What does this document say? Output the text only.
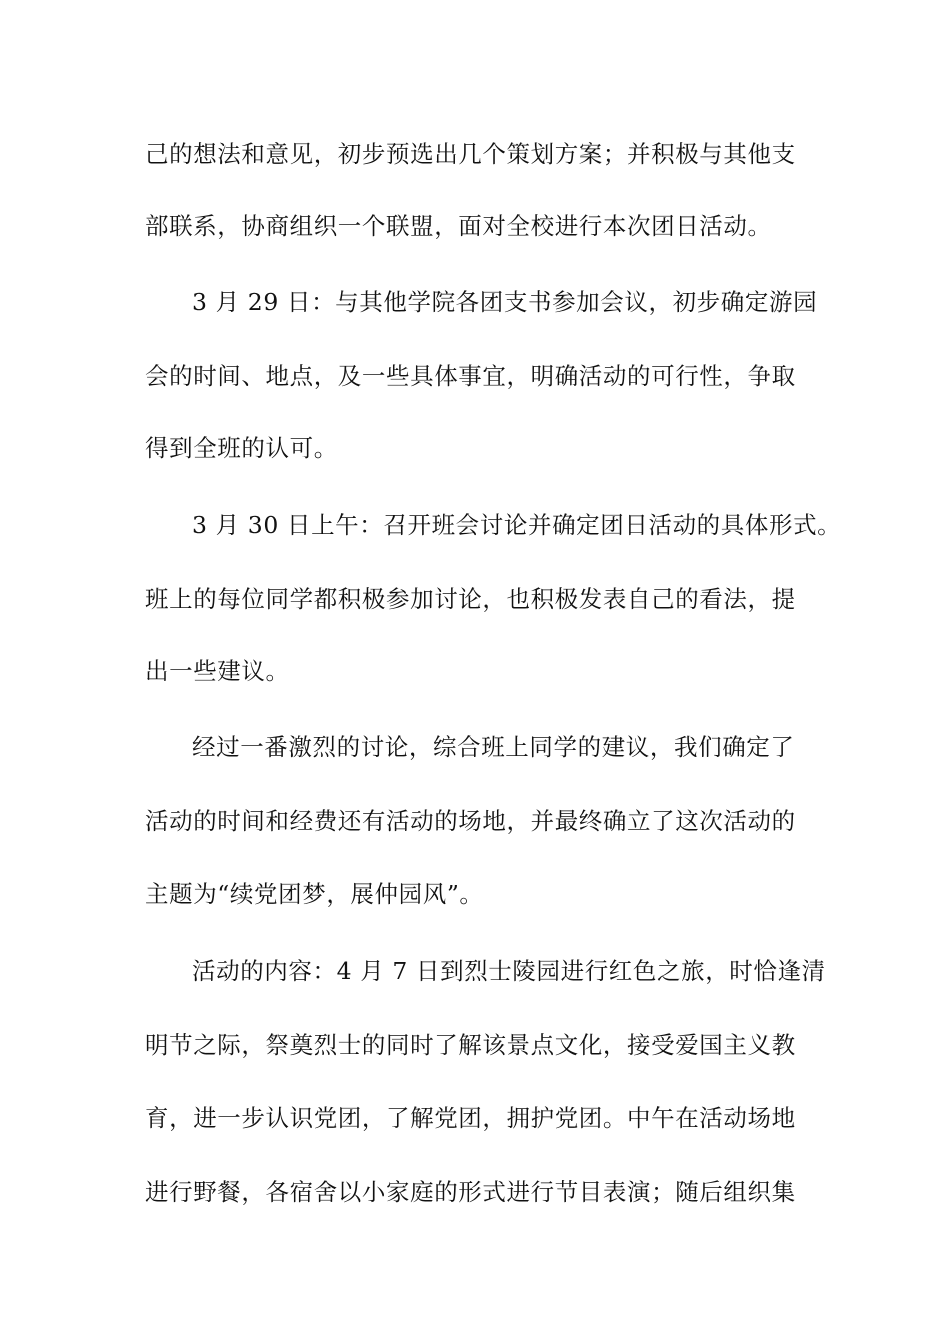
己的想法和意见，初步预选出几个策划方案；并积极与其他支
部联系，协商组织一个联盟，面对全校进行本次团日活动。
3 月 29 日：与其他学院各团支书参加会议，初步确定游园
会的时间、地点，及一些具体事宜，明确活动的可行性，争取
得到全班的认可。
3 月 30 日上午：召开班会讨论并确定团日活动的具体形式。
班上的每位同学都积极参加讨论，也积极发表自己的看法，提
出一些建议。
经过一番激烈的讨论，综合班上同学的建议，我们确定了
活动的时间和经费还有活动的场地，并最终确立了这次活动的
主题为“续党团梦，展仲园风”。
活动的内容：4 月 7 日到烈士陵园进行红色之旅，时恰逢清
明节之际，祭奠烈士的同时了解该景点文化，接受爱国主义教
育，进一步认识党团，了解党团，拥护党团。中午在活动场地
进行野餐，各宿舍以小家庭的形式进行节目表演；随后组织集
